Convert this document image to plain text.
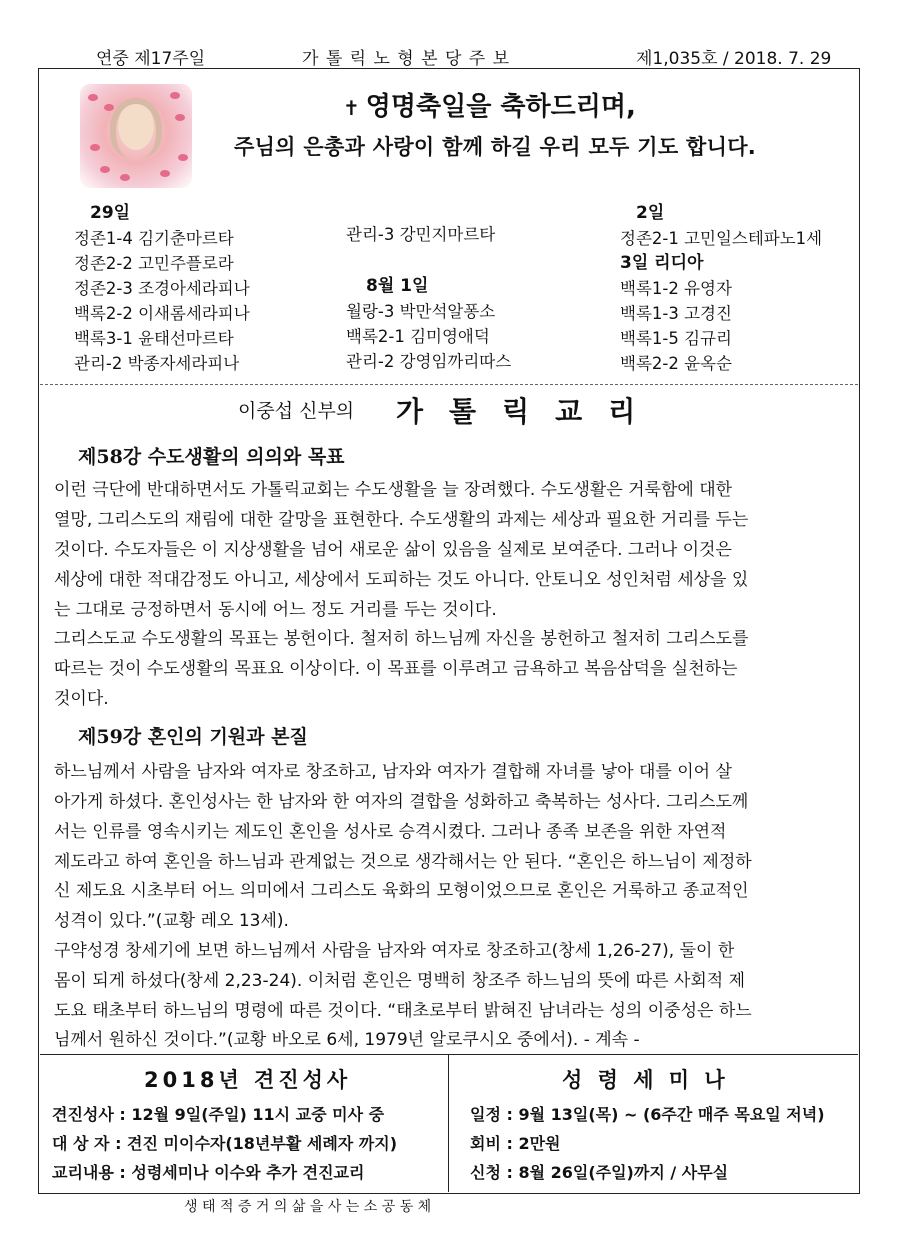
연중 제17주일	가 톨 릭 노 형 본 당 주 보	제1,035호 / 2018. 7. 29
✝ 영명축일을 축하드리며,
주님의 은총과 사랑이 함께 하길 우리 모두 기도 합니다.
29일
정존1-4 김기춘마르타
정존2-2 고민주플로라
정존2-3 조경아세라피나
백록2-2 이새롬세라피나
백록3-1 윤태선마르타
관리-2 박종자세라피나
관리-3 강민지마르타
8월 1일
월랑-3 박만석알퐁소
백록2-1 김미영애덕
관리-2 강영임까리따스
2일
정존2-1 고민일스테파노1세
3일 리디아
백록1-2 유영자
백록1-3 고경진
백록1-5 김규리
백록2-2 윤옥순
이중섭 신부의 가톨릭교리
제58강 수도생활의 의의와 목표
이런 극단에 반대하면서도 가톨릭교회는 수도생활을 늘 장려했다. 수도생활은 거룩함에 대한
열망, 그리스도의 재림에 대한 갈망을 표현한다. 수도생활의 과제는 세상과 필요한 거리를 두는
것이다. 수도자들은 이 지상생활을 넘어 새로운 삶이 있음을 실제로 보여준다. 그러나 이것은
세상에 대한 적대감정도 아니고, 세상에서 도피하는 것도 아니다. 안토니오 성인처럼 세상을 있
는 그대로 긍정하면서 동시에 어느 정도 거리를 두는 것이다.
그리스도교 수도생활의 목표는 봉헌이다. 철저히 하느님께 자신을 봉헌하고 철저히 그리스도를
따르는 것이 수도생활의 목표요 이상이다. 이 목표를 이루려고 금욕하고 복음삼덕을 실천하는
것이다.
제59강 혼인의 기원과 본질
하느님께서 사람을 남자와 여자로 창조하고, 남자와 여자가 결합해 자녀를 낳아 대를 이어 살
아가게 하셨다. 혼인성사는 한 남자와 한 여자의 결합을 성화하고 축복하는 성사다. 그리스도께
서는 인류를 영속시키는 제도인 혼인을 성사로 승격시켰다. 그러나 종족 보존을 위한 자연적
제도라고 하여 혼인을 하느님과 관계없는 것으로 생각해서는 안 된다. “혼인은 하느님이 제정하
신 제도요 시초부터 어느 의미에서 그리스도 육화의 모형이었으므로 혼인은 거룩하고 종교적인
성격이 있다.”(교황 레오 13세).
구약성경 창세기에 보면 하느님께서 사람을 남자와 여자로 창조하고(창세 1,26-27), 둘이 한
몸이 되게 하셨다(창세 2,23-24). 이처럼 혼인은 명백히 창조주 하느님의 뜻에 따른 사회적 제
도요 태초부터 하느님의 명령에 따른 것이다. “태초로부터 밝혀진 남녀라는 성의 이중성은 하느
님께서 원하신 것이다.”(교황 바오로 6세, 1979년 알로쿠시오 중에서). - 계속 -
2018년 견진성사
견진성사 : 12월 9일(주일) 11시 교중 미사 중
대 상 자 : 견진 미이수자(18년부활 세례자 까지)
교리내용 : 성령세미나 이수와 추가 견진교리
성 령 세 미 나
일정 : 9월 13일(목) ~ (6주간 매주 목요일 저녁)
회비 : 2만원
신청 : 8월 26일(주일)까지 / 사무실
생 태 적 증 거 의 삶 을 사 는 소 공 동 체
